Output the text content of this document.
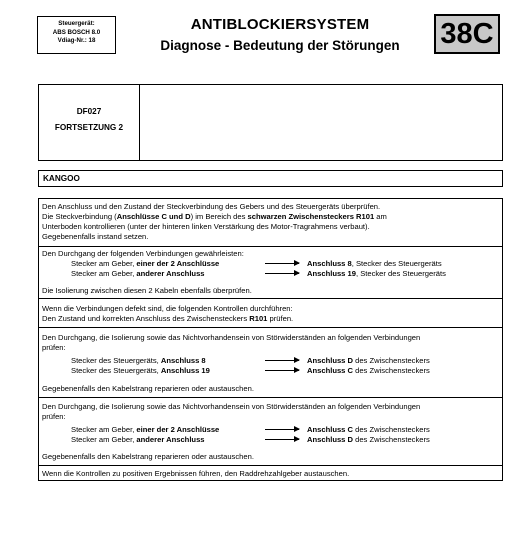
Steuergerät:
ABS BOSCH 8.0
Vdiag-Nr.: 18
ANTIBLOCKIERSYSTEM
Diagnose - Bedeutung der Störungen	38C
DF027
FORTSETZUNG 2
KANGOO
Den Anschluss und den Zustand der Steckverbindung des Gebers und des Steuergeräts überprüfen.
Die Steckverbindung (Anschlüsse C und D) im Bereich des schwarzen Zwischensteckers R101 am
Unterboden kontrollieren (unter der hinteren linken Verstärkung des Motor-Tragrahmens verbaut).
Gegebenenfalls instand setzen.
Den Durchgang der folgenden Verbindungen gewährleisten:
Stecker am Geber, einer der 2 Anschlüsse	Anschluss 8, Stecker des Steuergeräts
Stecker am Geber, anderer Anschluss	Anschluss 19, Stecker des Steuergeräts
Die Isolierung zwischen diesen 2 Kabeln ebenfalls überprüfen.
Wenn die Verbindungen defekt sind, die folgenden Kontrollen durchführen:
Den Zustand und korrekten Anschluss des Zwischensteckers R101 prüfen.
Den Durchgang, die Isolierung sowie das Nichtvorhandensein von Störwiderständen an folgenden Verbindungen
prüfen:
Stecker des Steuergeräts, Anschluss 8	Anschluss D des Zwischensteckers
Stecker des Steuergeräts, Anschluss 19	Anschluss C des Zwischensteckers
Gegebenenfalls den Kabelstrang reparieren oder austauschen.
Den Durchgang, die Isolierung sowie das Nichtvorhandensein von Störwiderständen an folgenden Verbindungen
prüfen:
Stecker am Geber, einer der 2 Anschlüsse	Anschluss C des Zwischensteckers
Stecker am Geber, anderer Anschluss	Anschluss D des Zwischensteckers
Gegebenenfalls den Kabelstrang reparieren oder austauschen.
Wenn die Kontrollen zu positiven Ergebnissen führen, den Raddrehzahlgeber austauschen.
